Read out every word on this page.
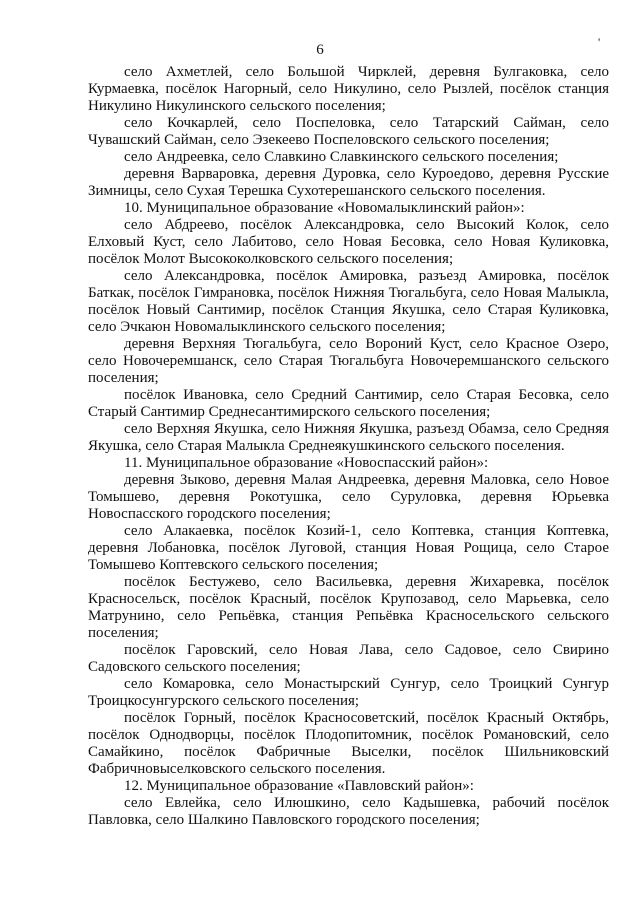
6	'

село Ахметлей, село Большой Чирклей, деревня Булгаковка, село Курмаевка, посёлок Нагорный, село Никулино, село Рызлей, посёлок станция Никулино Никулинского сельского поселения;

село Кочкарлей, село Поспеловка, село Татарский Сайман, село Чувашский Сайман, село Эзекеево Поспеловского сельского поселения;

село Андреевка, село Славкино Славкинского сельского поселения;

деревня Варваровка, деревня Дуровка, село Куроедово, деревня Русские Зимницы, село Сухая Терешка Сухотерешанского сельского поселения.

10. Муниципальное образование «Новомалыклинский район»:

село Абдреево, посёлок Александровка, село Высокий Колок, село Елховый Куст, село Лабитово, село Новая Бесовка, село Новая Куликовка, посёлок Молот Высококолковского сельского поселения;

село Александровка, посёлок Амировка, разъезд Амировка, посёлок Баткак, посёлок Гимрановка, посёлок Нижняя Тюгальбуга, село Новая Малыкла, посёлок Новый Сантимир, посёлок Станция Якушка, село Старая Куликовка, село Эчкаюн Новомалыклинского сельского поселения;

деревня Верхняя Тюгальбуга, село Вороний Куст, село Красное Озеро, село Новочеремшанск, село Старая Тюгальбуга Новочеремшанского сельского поселения;

посёлок Ивановка, село Средний Сантимир, село Старая Бесовка, село Старый Сантимир Среднесантимирского сельского поселения;

село Верхняя Якушка, село Нижняя Якушка, разъезд Обамза, село Средняя Якушка, село Старая Малыкла Среднеякушкинского сельского поселения.

11. Муниципальное образование «Новоспасский район»:

деревня Зыково, деревня Малая Андреевка, деревня Маловка, село Новое Томышево, деревня Рокотушка, село Суруловка, деревня Юрьевка Новоспасского городского поселения;

село Алакаевка, посёлок Козий-1, село Коптевка, станция Коптевка, деревня Лобановка, посёлок Луговой, станция Новая Рощица, село Старое Томышево Коптевского сельского поселения;

посёлок Бестужево, село Васильевка, деревня Жихаревка, посёлок Красносельск, посёлок Красный, посёлок Крупозавод, село Марьевка, село Матрунино, село Репьёвка, станция Репьёвка Красносельского сельского поселения;

посёлок Гаровский, село Новая Лава, село Садовое, село Свирино Садовского сельского поселения;

село Комаровка, село Монастырский Сунгур, село Троицкий Сунгур Троицкосунгурского сельского поселения;

посёлок Горный, посёлок Красносоветский, посёлок Красный Октябрь, посёлок Однодворцы, посёлок Плодопитомник, посёлок Романовский, село Самайкино, посёлок Фабричные Выселки, посёлок Шильниковский Фабричновыселковского сельского поселения.

12. Муниципальное образование «Павловский район»:

село Евлейка, село Илюшкино, село Кадышевка, рабочий посёлок Павловка, село Шалкино Павловского городского поселения;
